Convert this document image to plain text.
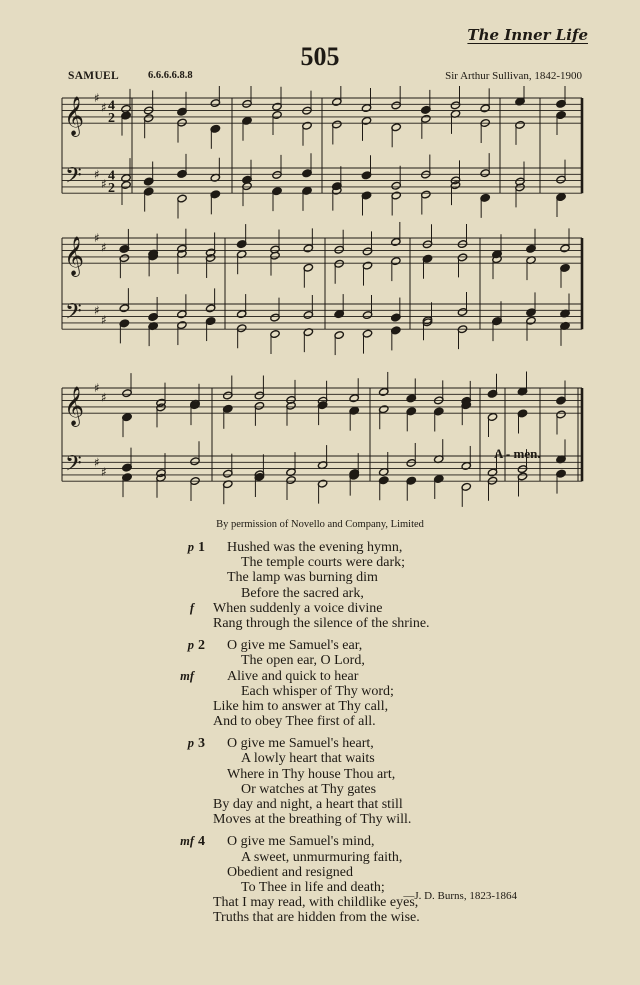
The Inner Life
505
SAMUEL	6.6.6.6.8.8	Sir Arthur Sullivan, 1842-1900
𝄞
𝄢
♯
♯
♯
♯
4
2
4
2
𝄞
𝄢
♯
♯
♯
♯
𝄞
𝄢
♯
♯
♯
♯
A - men.
By permission of Novello and Company, Limited
p 1 Hushed was the evening hymn,
The temple courts were dark;
The lamp was burning dim
Before the sacred ark,
f When suddenly a voice divine
Rang through the silence of the shrine.
p 2 O give me Samuel's ear,
The open ear, O Lord,
mf Alive and quick to hear
Each whisper of Thy word;
Like him to answer at Thy call,
And to obey Thee first of all.
p 3 O give me Samuel's heart,
A lowly heart that waits
Where in Thy house Thou art,
Or watches at Thy gates
By day and night, a heart that still
Moves at the breathing of Thy will.
mf 4 O give me Samuel's mind,
A sweet, unmurmuring faith,
Obedient and resigned
To Thee in life and death;
That I may read, with childlike eyes,
Truths that are hidden from the wise.
—J. D. Burns, 1823-1864
